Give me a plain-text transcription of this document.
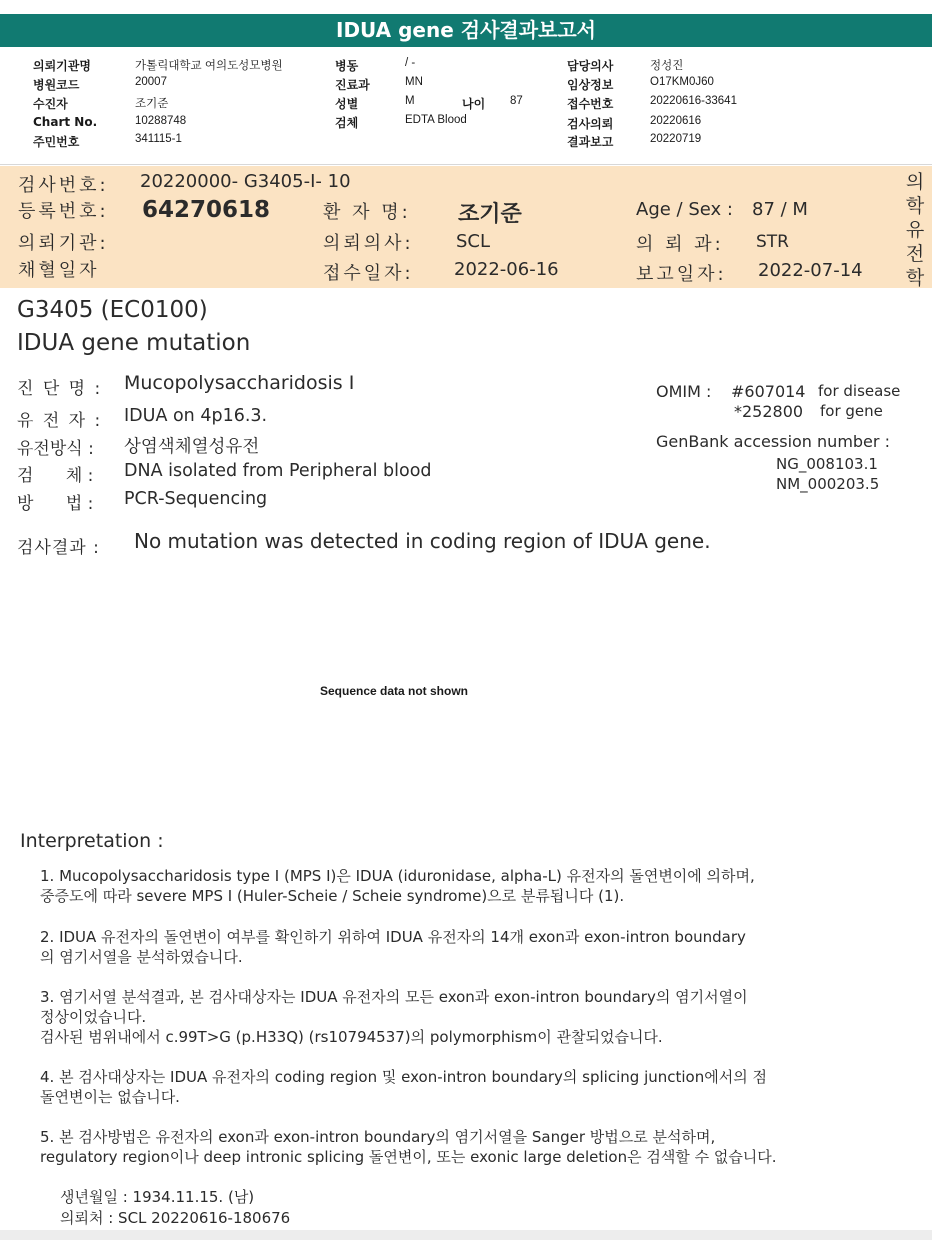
IDUA gene 검사결과보고서
의뢰기관명	가톨릭대학교 여의도성모병원
병원코드	20007
수진자	조기준
Chart No.	10288748
주민번호	341115-1
병동	/ -
진료과	MN
성별	M	나이 87
검체	EDTA Blood
담당의사	정성진
임상정보	O17KM0J60
접수번호	20220616-33641
검사의뢰	20220616
결과보고	20220719
검사번호: 20220000- G3405-I- 10
등록번호: 64270618	환 자 명: 조기준	Age / Sex : 87 / M
의뢰기관:	의뢰의사: SCL	의 뢰 과: STR
채혈일자	접수일자: 2022-06-16	보고일자: 2022-07-14
의
학
유
전
학
G3405 (EC0100)
IDUA gene mutation
진 단 명 : Mucopolysaccharidosis I
유 전 자 : IDUA on 4p16.3.
유전방식 : 상염색체열성유전
검      체 : DNA isolated from Peripheral blood
방      법 : PCR-Sequencing
OMIM : #607014 for disease
*252800 for gene
GenBank accession number :
NG_008103.1
NM_000203.5
검사결과 : No mutation was detected in coding region of IDUA gene.
Sequence data not shown
Interpretation :
1. Mucopolysaccharidosis type I (MPS I)은 IDUA (iduronidase, alpha-L) 유전자의 돌연변이에 의하며,
중증도에 따라 severe MPS I (Huler-Scheie / Scheie syndrome)으로 분류됩니다 (1).
2. IDUA 유전자의 돌연변이 여부를 확인하기 위하여 IDUA 유전자의 14개 exon과 exon-intron boundary
의 염기서열을 분석하였습니다.
3. 염기서열 분석결과, 본 검사대상자는 IDUA 유전자의 모든 exon과 exon-intron boundary의 염기서열이
정상이었습니다.
검사된 범위내에서 c.99T>G (p.H33Q) (rs10794537)의 polymorphism이 관찰되었습니다.
4. 본 검사대상자는 IDUA 유전자의 coding region 및 exon-intron boundary의 splicing junction에서의 점
돌연변이는 없습니다.
5. 본 검사방법은 유전자의 exon과 exon-intron boundary의 염기서열을 Sanger 방법으로 분석하며,
regulatory region이나 deep intronic splicing 돌연변이, 또는 exonic large deletion은 검색할 수 없습니다.
생년월일 : 1934.11.15. (남)
의뢰처 : SCL 20220616-180676
